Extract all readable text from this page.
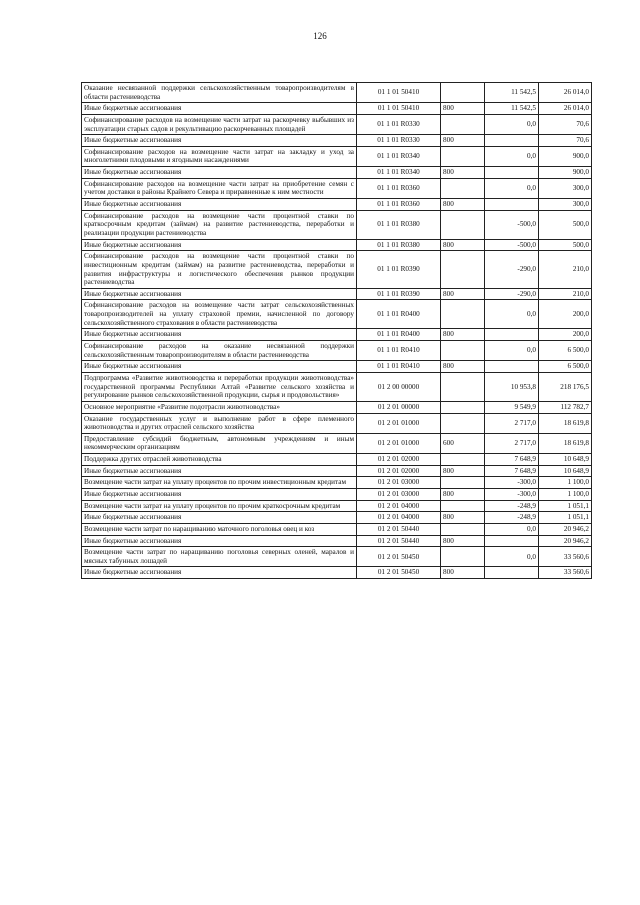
126
Оказание несвязанной поддержки сельскохозяйственным товаропроизводителям в области растениеводства	01 1 01 50410		11 542,5	26 014,0
Иные бюджетные ассигнования	01 1 01 50410	800	11 542,5	26 014,0
Софинансирование расходов на возмещение части затрат на раскорчевку выбывших из эксплуатации старых садов и рекультивацию раскорчеванных площадей	01 1 01 R0330		0,0	70,6
Иные бюджетные ассигнования	01 1 01 R0330	800		70,6
Софинансирование расходов на возмещение части затрат на закладку и уход за многолетними плодовыми и ягодными насаждениями	01 1 01 R0340		0,0	900,0
Иные бюджетные ассигнования	01 1 01 R0340	800		900,0
Софинансирование расходов на возмещение части затрат на приобретение семян с учетом доставки в районы Крайнего Севера и приравненные к ним местности	01 1 01 R0360		0,0	300,0
Иные бюджетные ассигнования	01 1 01 R0360	800		300,0
Софинансирование расходов на возмещение части процентной ставки по краткосрочным кредитам (займам) на развитие растениеводства, переработки и реализации продукции растениеводства	01 1 01 R0380		-500,0	500,0
Иные бюджетные ассигнования	01 1 01 R0380	800	-500,0	500,0
Софинансирование расходов на возмещение части процентной ставки по инвестиционным кредитам (займам) на развитие растениеводства, переработки и развития инфраструктуры и логистического обеспечения рынков продукции растениеводства	01 1 01 R0390		-290,0	210,0
Иные бюджетные ассигнования	01 1 01 R0390	800	-290,0	210,0
Софинансирование расходов на возмещение части затрат сельскохозяйственных товаропроизводителей на уплату страховой премии, начисленной по договору сельскохозяйственного страхования в области растениеводства	01 1 01 R0400		0,0	200,0
Иные бюджетные ассигнования	01 1 01 R0400	800		200,0
Софинансирование расходов на оказание несвязанной поддержки сельскохозяйственным товаропроизводителям в области растениеводства	01 1 01 R0410		0,0	6 500,0
Иные бюджетные ассигнования	01 1 01 R0410	800		6 500,0
Подпрограмма «Развитие животноводства и переработки продукции животноводства» государственной программы Республики Алтай «Развитие сельского хозяйства и регулирование рынков сельскохозяйственной продукции, сырья и продовольствия»	01 2 00 00000		10 953,8	218 176,5
Основное мероприятие «Развитие подотрасли животноводства»	01 2 01 00000		9 549,9	112 782,7
Оказание государственных услуг и выполнение работ в сфере племенного животноводства и других отраслей сельского хозяйства	01 2 01 01000		2 717,0	18 619,8
Предоставление субсидий бюджетным, автономным учреждениям и иным некоммерческим организациям	01 2 01 01000	600	2 717,0	18 619,8
Поддержка других отраслей животноводства	01 2 01 02000		7 648,9	10 648,9
Иные бюджетные ассигнования	01 2 01 02000	800	7 648,9	10 648,9
Возмещение части затрат на уплату процентов по прочим инвестиционным кредитам	01 2 01 03000		-300,0	1 100,0
Иные бюджетные ассигнования	01 2 01 03000	800	-300,0	1 100,0
Возмещение части затрат на уплату процентов по прочим краткосрочным кредитам	01 2 01 04000		-248,9	1 051,1
Иные бюджетные ассигнования	01 2 01 04000	800	-248,9	1 051,1
Возмещение части затрат по наращиванию маточного поголовья овец и коз	01 2 01 50440		0,0	20 946,2
Иные бюджетные ассигнования	01 2 01 50440	800		20 946,2
Возмещение части затрат по наращиванию поголовья северных оленей, маралов и мясных табунных лошадей	01 2 01 50450		0,0	33 560,6
Иные бюджетные ассигнования	01 2 01 50450	800		33 560,6
